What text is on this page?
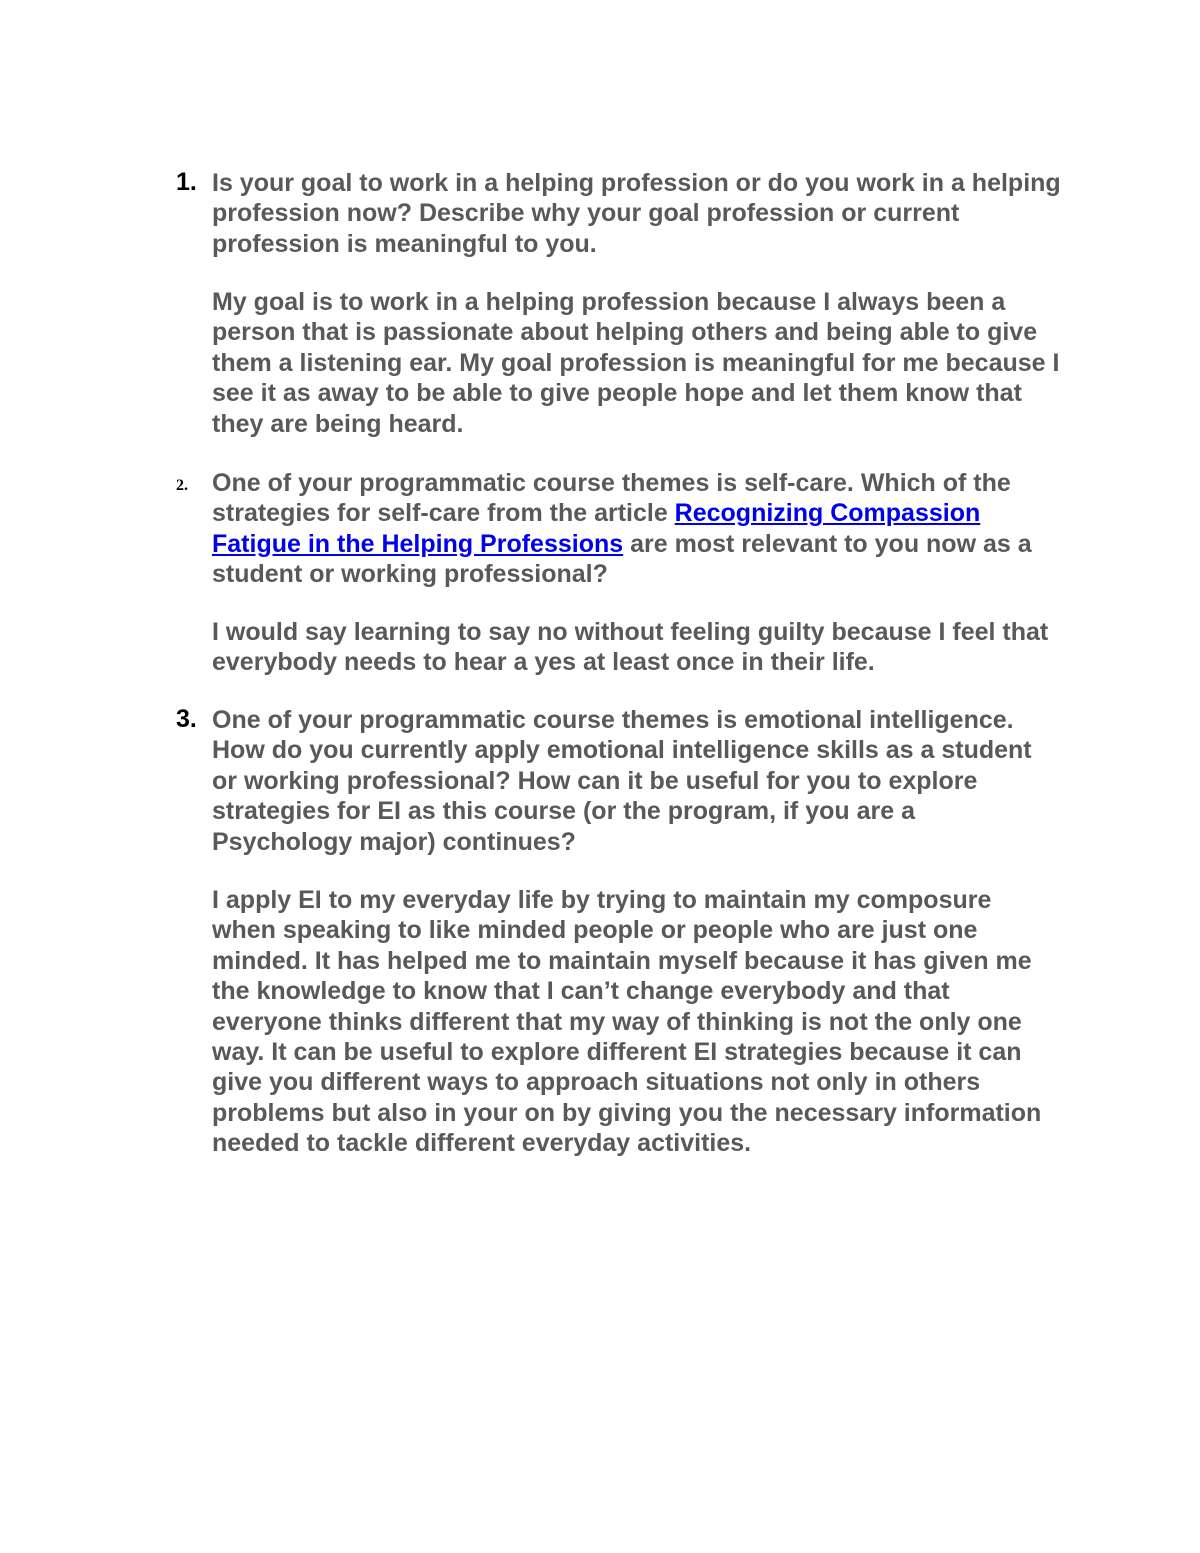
1. Is your goal to work in a helping profession or do you work in a helping profession now? Describe why your goal profession or current profession is meaningful to you.

My goal is to work in a helping profession because I always been a person that is passionate about helping others and being able to give them a listening ear. My goal profession is meaningful for me because I see it as away to be able to give people hope and let them know that they are being heard.

2. One of your programmatic course themes is self-care. Which of the strategies for self-care from the article Recognizing Compassion Fatigue in the Helping Professions are most relevant to you now as a student or working professional?

I would say learning to say no without feeling guilty because I feel that everybody needs to hear a yes at least once in their life.

3. One of your programmatic course themes is emotional intelligence. How do you currently apply emotional intelligence skills as a student or working professional? How can it be useful for you to explore strategies for EI as this course (or the program, if you are a Psychology major) continues?

I apply EI to my everyday life by trying to maintain my composure when speaking to like minded people or people who are just one minded. It has helped me to maintain myself because it has given me the knowledge to know that I can’t change everybody and that everyone thinks different that my way of thinking is not the only one way. It can be useful to explore different EI strategies because it can give you different ways to approach situations not only in others problems but also in your on by giving you the necessary information needed to tackle different everyday activities.
